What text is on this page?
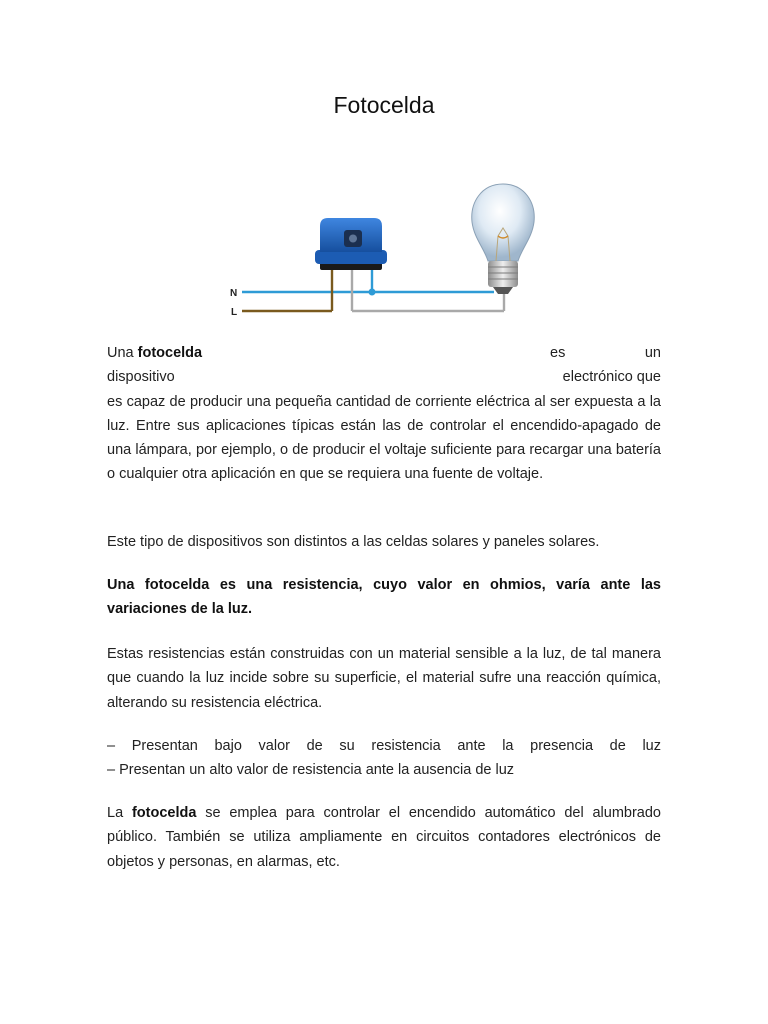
Fotocelda
N
L
Una fotocelda	es	un
dispositivo	electrónico que

es capaz de producir una pequeña cantidad de corriente eléctrica al ser expuesta a la luz. Entre sus aplicaciones típicas están las de controlar el encendido-apagado de una lámpara, por ejemplo, o de producir el voltaje suficiente para recargar una batería o cualquier otra aplicación en que se requiera una fuente de voltaje.

Este tipo de dispositivos son distintos a las celdas solares y paneles solares.

Una fotocelda es una resistencia, cuyo valor en ohmios, varía ante las variaciones de la luz.

Estas resistencias están construidas con un material sensible a la luz, de tal manera que cuando la luz incide sobre su superficie, el material sufre una reacción química, alterando su resistencia eléctrica.

– Presentan bajo valor de su resistencia ante la presencia de luz

– Presentan un alto valor de resistencia ante la ausencia de luz

La fotocelda se emplea para controlar el encendido automático del alumbrado público. También se utiliza ampliamente en circuitos contadores electrónicos de objetos y personas, en alarmas, etc.
